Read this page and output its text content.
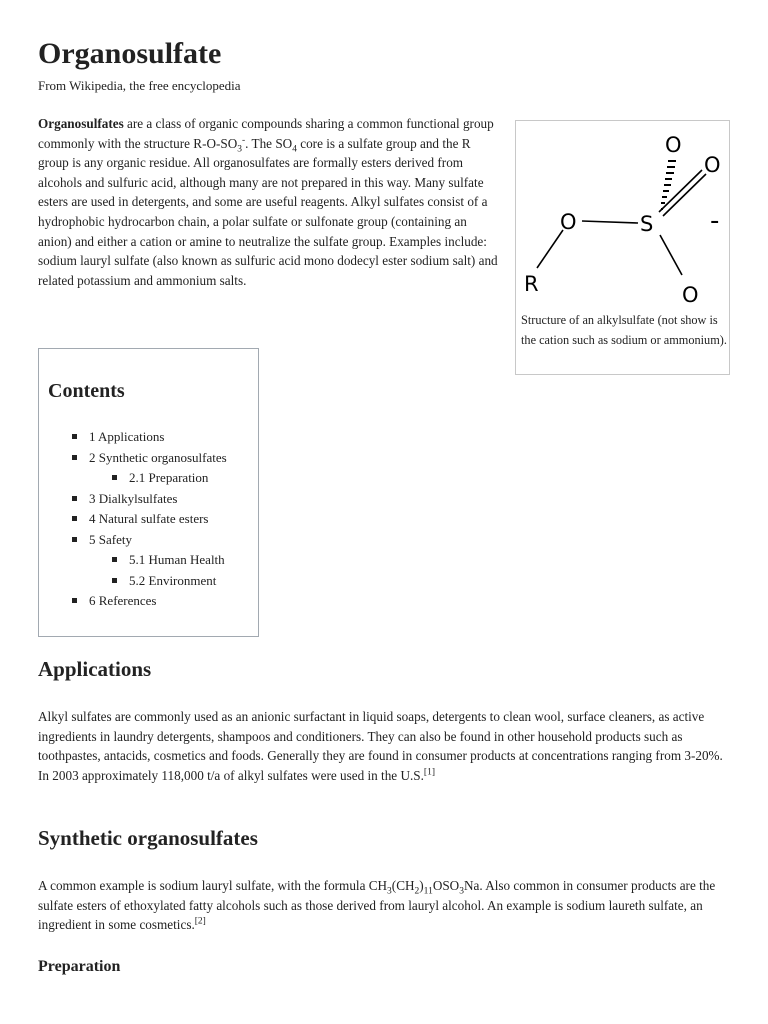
Organosulfate
From Wikipedia, the free encyclopedia
Organosulfates are a class of organic compounds sharing a common functional group commonly with the structure $R-O-SO_3^-$. The $SO_4$ core is a sulfate group and the R group is any organic residue. All organosulfates are formally esters derived from alcohols and sulfuric acid, although many are not prepared in this way. Many sulfate esters are used in detergents, and some are useful reagents. Alkyl sulfates consist of a hydrophobic hydrocarbon chain, a polar sulfate or sulfonate group (containing an anion) and either a cation or amine to neutralize the sulfate group. Examples include: sodium lauryl sulfate (also known as sulfuric acid mono dodecyl ester sodium salt) and related potassium and ammonium salts.
O
O
O	S
O
R
-
Structure of an alkylsulfate (not show is the cation such as sodium or ammonium).
Contents
1 Applications
2 Synthetic organosulfates
2.1 Preparation
3 Dialkylsulfates
4 Natural sulfate esters
5 Safety
5.1 Human Health
5.2 Environment
6 References
Applications
Alkyl sulfates are commonly used as an anionic surfactant in liquid soaps, detergents to clean wool, surface cleaners, as active ingredients in laundry detergents, shampoos and conditioners. They can also be found in other household products such as toothpastes, antacids, cosmetics and foods. Generally they are found in consumer products at concentrations ranging from 3-20%. In 2003 approximately 118,000 t/a of alkyl sulfates were used in the U.S.[1]
Synthetic organosulfates
A common example is sodium lauryl sulfate, with the formula $CH_3(CH_2)_{11}OSO_3Na$. Also common in consumer products are the sulfate esters of ethoxylated fatty alcohols such as those derived from lauryl alcohol. An example is sodium laureth sulfate, an ingredient in some cosmetics.[2]
Preparation
